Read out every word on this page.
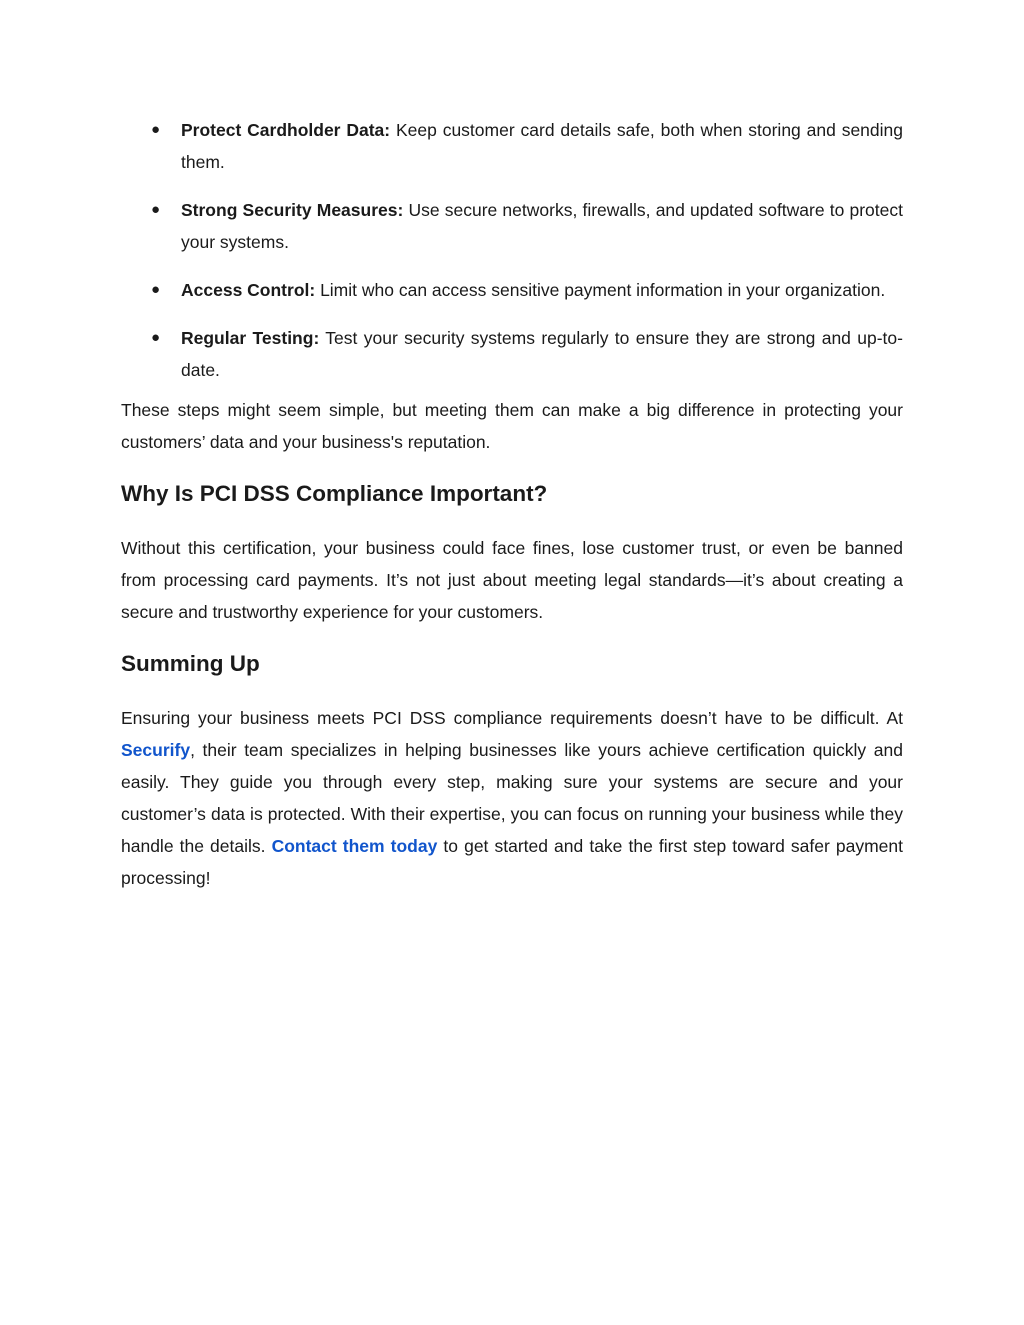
● Protect Cardholder Data: Keep customer card details safe, both when storing and sending them.
● Strong Security Measures: Use secure networks, firewalls, and updated software to protect your systems.
● Access Control: Limit who can access sensitive payment information in your organization.
● Regular Testing: Test your security systems regularly to ensure they are strong and up-to-date.

These steps might seem simple, but meeting them can make a big difference in protecting your customers’ data and your business's reputation.

Why Is PCI DSS Compliance Important?

Without this certification, your business could face fines, lose customer trust, or even be banned from processing card payments. It’s not just about meeting legal standards—it’s about creating a secure and trustworthy experience for your customers.

Summing Up

Ensuring your business meets PCI DSS compliance requirements doesn’t have to be difficult. At Securify, their team specializes in helping businesses like yours achieve certification quickly and easily. They guide you through every step, making sure your systems are secure and your customer’s data is protected. With their expertise, you can focus on running your business while they handle the details. Contact them today to get started and take the first step toward safer payment processing!
